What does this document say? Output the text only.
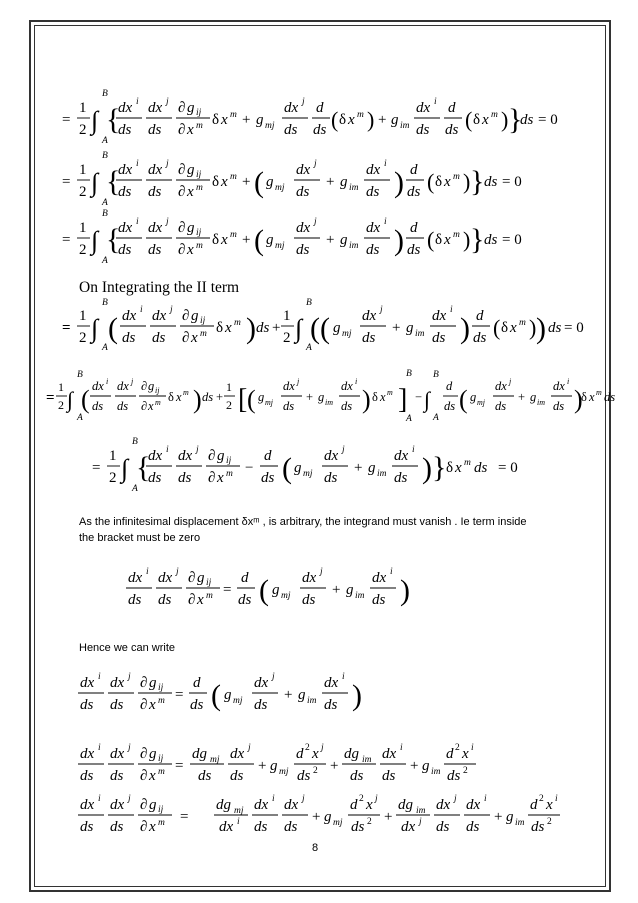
=
1
2 ∫
B
A
{
dx i
ds
dx j
ds
∂ g ij
∂ x m δ x m + g mj
dx j
ds
d
ds ( δ x m ) + g im
dx i
ds
d
ds ( δ x m ) }
ds = 0
=
1
2 ∫
B
A
{
dx i
ds
dx j
ds
∂ g ij
∂ x m δ x m + ( g mj
dx j
ds
+ g im
dx i
ds ) d
ds ( δ x m ) } ds = 0
=
1
2 ∫
B
A
{
dx i
ds
dx j
ds
∂ g ij
∂ x m δ x m + ( g mj
dx j
ds
+ g im
dx i
ds ) d
ds ( δ x m ) } ds = 0
=
1
2 ∫
B
A
( dx i
ds
dx j
ds
∂ g ij
∂ x m δ x m ) ds +
1
2 ∫
B
A
( ( g mj
dx j
ds
+ g im
dx i
ds ) d
ds ( δ x m ) ) ds = 0
=
1
2 ∫
B
A
( dx i
ds
dx j
ds
∂ g ij
∂ x m δ x m ) ds +
1
2 [ ( g mj
dx j
ds
+ g im
dx i
ds ) δ x m ]
B
A
− ∫
B
A
d
ds ( g mj
dx j
ds
+ g im
dx i
ds )
δ x m ds
=
1
2 ∫
B
A
{
dx i
ds
dx j
ds
∂ g ij
∂ x m −
d
ds ( g mj
dx j
ds
+ g im
dx i
ds ) } δ x m ds = 0
dx i
ds
dx j
ds
∂ g ij
∂ x m =
d
ds ( g mj
dx j
ds
+ g im
dx i
ds )
dx i
ds
dx j
ds
∂ g ij
∂ x m =
d
ds ( g mj
dx j
ds
+ g im
dx i
ds )
dx i
ds
dx j
ds
∂ g ij
∂ x m =
dg mj
ds
dx j
ds
+ g mj
d 2 x j
ds 2 +
dg im
ds
dx i
ds
+ g im
d 2 x i
ds 2
dx i
ds
dx j
ds
∂ g ij
∂ x m =
dg mj
dx i
dx i
ds
dx j
ds
+ g mj
d 2 x j
ds 2 +
dg im
dx j
dx j
ds
dx i
ds
+ g im
d 2 x i
ds 2
On Integrating the II term
As the infinitesimal displacement δxᵐ , is arbitrary, the integrand must vanish . Ie term inside
the bracket must be zero
Hence we can write
8
